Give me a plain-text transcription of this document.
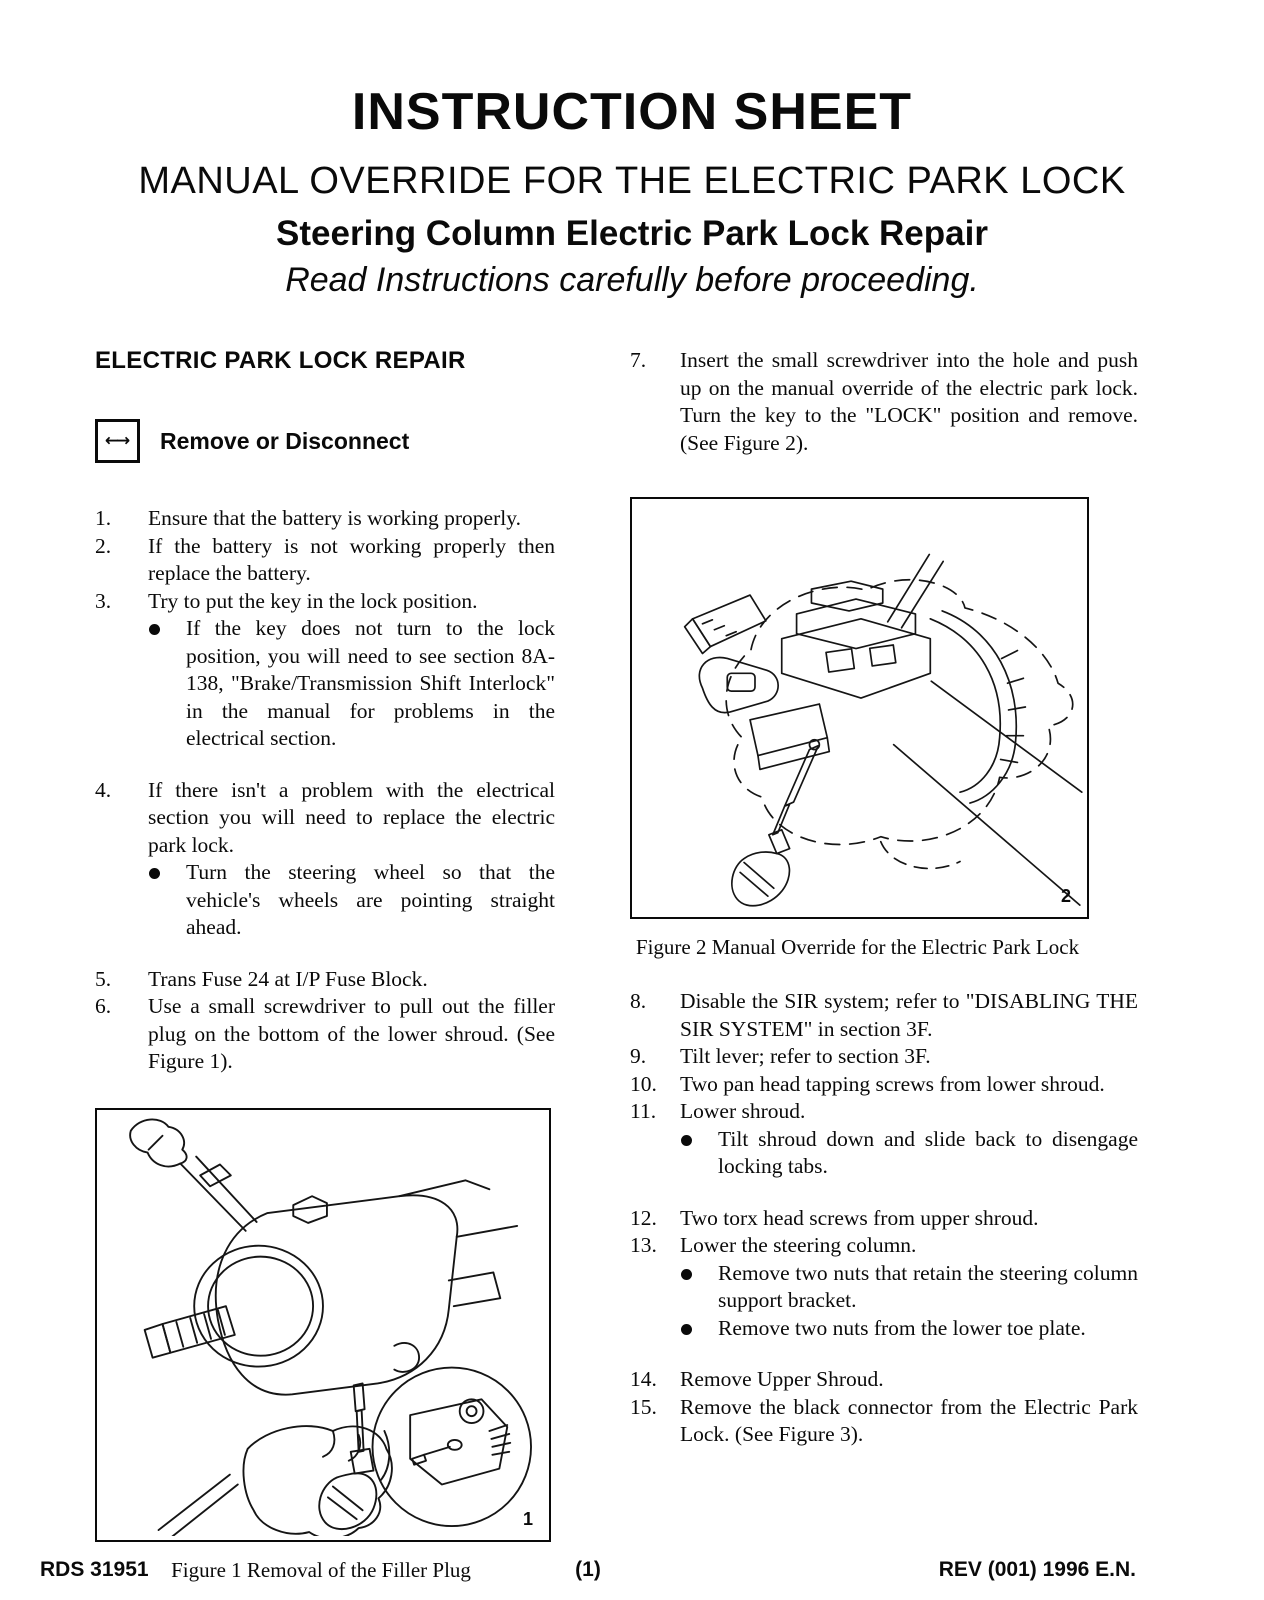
INSTRUCTION SHEET
MANUAL OVERRIDE FOR THE ELECTRIC PARK LOCK
Steering Column Electric Park Lock Repair
Read Instructions carefully before proceeding.
ELECTRIC PARK LOCK REPAIR
←→	Remove or Disconnect
1.	Ensure that the battery is working properly.
2.	If the battery is not working properly then replace the battery.
3.	Try to put the key in the lock position.
If the key does not turn to the lock position, you will need to see section 8A-138, "Brake/Transmission Shift Interlock" in the manual for problems in the electrical section.
4.	If there isn't a problem with the electrical section you will need to replace the electric park lock.
Turn the steering wheel so that the vehicle's wheels are pointing straight ahead.
5.	Trans Fuse 24 at I/P Fuse Block.
6.	Use a small screwdriver to pull out the filler plug on the bottom of the lower shroud. (See Figure 1).
1
Figure 1 Removal of the Filler Plug
7.	Insert the small screwdriver into the hole and push up on the manual override of the electric park lock. Turn the key to the "LOCK" position and remove. (See Figure 2).
2
Figure 2 Manual Override for the Electric Park Lock
8.	Disable the SIR system; refer to "DISABLING THE SIR SYSTEM" in section 3F.
9.	Tilt lever; refer to section 3F.
10.	Two pan head tapping screws from lower shroud.
11.	Lower shroud.
Tilt shroud down and slide back to disengage locking tabs.
12.	Two torx head screws from upper shroud.
13.	Lower the steering column.
Remove two nuts that retain the steering column support bracket.
Remove two nuts from the lower toe plate.
14.	Remove Upper Shroud.
15.	Remove the black connector from the Electric Park Lock. (See Figure 3).
RDS 31951	(1)	REV (001) 1996 E.N.
